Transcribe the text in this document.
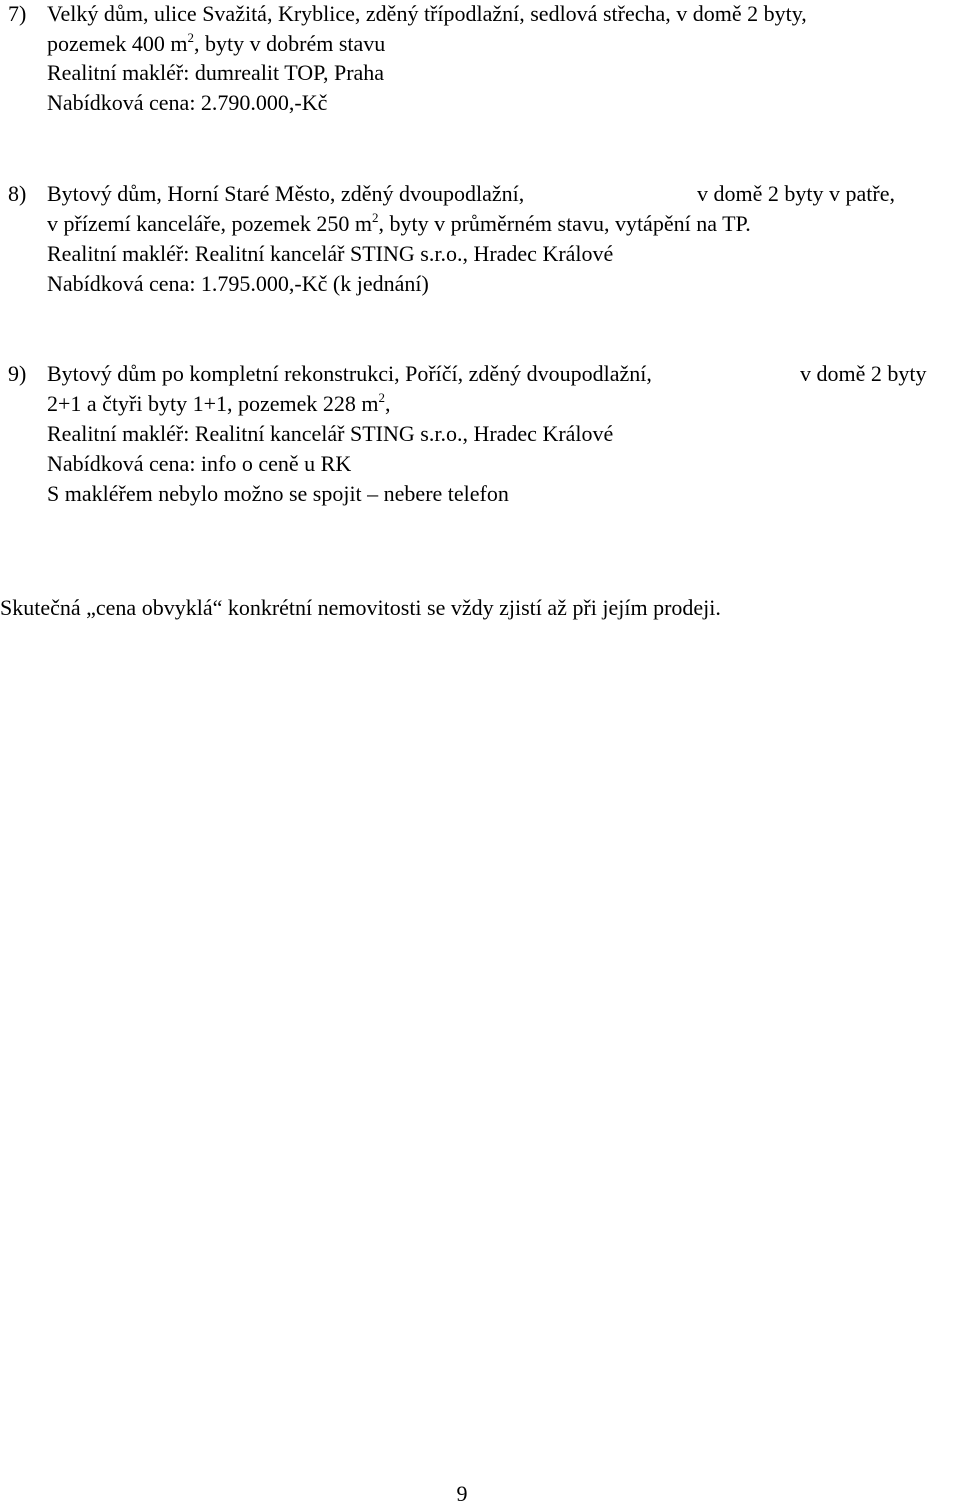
7) Velký dům, ulice Svažitá, Kryblice, zděný třípodlažní, sedlová střecha, v domě 2 byty,
pozemek 400 $m^2$, byty v dobrém stavu
Realitní makléř: dumrealit TOP, Praha
Nabídková cena: 2.790.000,-Kč
8) Bytový dům, Horní Staré Město, zděný dvoupodlažní,	v domě 2 byty v patře,
v přízemí kanceláře, pozemek 250 $m^2$, byty v průměrném stavu, vytápění na TP.
Realitní makléř: Realitní kancelář STING s.r.o., Hradec Králové
Nabídková cena: 1.795.000,-Kč (k jednání)
9) Bytový dům po kompletní rekonstrukci, Poříčí, zděný dvoupodlažní,	v domě 2 byty
2+1 a čtyři byty 1+1, pozemek 228 $m^2$,
Realitní makléř: Realitní kancelář STING s.r.o., Hradec Králové
Nabídková cena: info o ceně u RK
S makléřem nebylo možno se spojit – nebere telefon
Skutečná „cena obvyklá“ konkrétní nemovitosti se vždy zjistí až při jejím prodeji.
9
